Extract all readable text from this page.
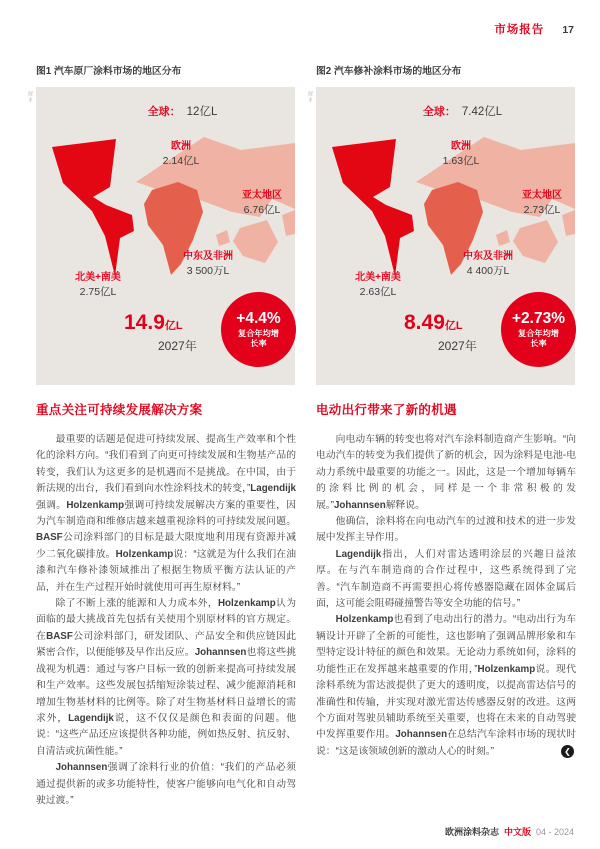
市场报告 17
图1 汽车原厂涂料市场的地区分布	图2 汽车修补涂料市场的地区分布
来源
全球： 12亿L
欧洲
2.14亿L
亚太地区
6.76亿L
中东及非洲
3 500万L
北美+南美
2.75亿L
14.9亿L
2027年
+4.4%
复合年均增
长率
来源
全球： 7.42亿L
欧洲
1.63亿L
亚太地区
2.73亿L
中东及非洲
4 400万L
北美+南美
2.63亿L
8.49亿L
2027年
+2.73%
复合年均增
长率
重点关注可持续发展解决方案

最重要的话题是促进可持续发展、提高生产效率和个性化的涂料方向。“我们看到了向更可持续发展和生物基产品的转变，我们认为这更多的是机遇而不是挑战。在中国，由于新法规的出台，我们看到向水性涂料技术的转变，”Lagendijk强调。Holzenkamp强调可持续发展解决方案的重要性，因为汽车制造商和维修店越来越重视涂料的可持续发展问题。BASF公司涂料部门的目标是最大限度地利用现有资源并减少二氧化碳排放。Holzenkamp说：“这就是为什么我们在油漆和汽车修补漆领域推出了根据生物质平衡方法认证的产品，并在生产过程开始时就使用可再生原材料。”

除了不断上涨的能源和人力成本外，Holzenkamp认为面临的最大挑战首先包括有关使用个别原材料的官方规定。在BASF公司涂料部门，研发团队、产品安全和供应链因此紧密合作，以便能够及早作出反应。Johannsen也将这些挑战视为机遇：通过与客户目标一致的创新来提高可持续发展和生产效率。这些发展包括缩短涂装过程、减少能源消耗和增加生物基材料的比例等。除了对生物基材料日益增长的需求外，Lagendijk说，这不仅仅是颜色和表面的问题。他说：“这些产品还应该提供各种功能，例如热反射、抗反射、自清洁或抗菌性能。”

Johannsen强调了涂料行业的价值：“我们的产品必须通过提供新的或多功能特性，使客户能够向电气化和自动驾驶过渡。”

电动出行带来了新的机遇

向电动车辆的转变也将对汽车涂料制造商产生影响。“向电动汽车的转变为我们提供了新的机会，因为涂料是电池-电动力系统中最重要的功能之一。因此，这是一个增加每辆车的涂料比例的机会，同样是一个非常积极的发展。”Johannsen解释说。

他确信，涂料将在向电动汽车的过渡和技术的进一步发展中发挥主导作用。

Lagendijk指出，人们对雷达透明涂层的兴趣日益浓厚。在与汽车制造商的合作过程中，这些系统得到了完善。“汽车制造商不再需要担心将传感器隐藏在固体金属后面，这可能会阻碍碰撞警告等安全功能的信号。”

Holzenkamp也看到了电动出行的潜力。“电动出行为车辆设计开辟了全新的可能性，这也影响了强调品牌形象和车型特定设计特征的颜色和效果。无论动力系统如何，涂料的功能性正在发挥越来越重要的作用，”Holzenkamp说。现代涂料系统为雷达波提供了更大的透明度，以提高雷达信号的准确性和传输，并实现对激光雷达传感器反射的改进。这两个方面对驾驶员辅助系统至关重要，也将在未来的自动驾驶中发挥重要作用。Johannsen在总结汽车涂料市场的现状时说：“这是该领域创新的激动人心的时刻。”	❮
欧洲涂料杂志 中文版 04 - 2024
